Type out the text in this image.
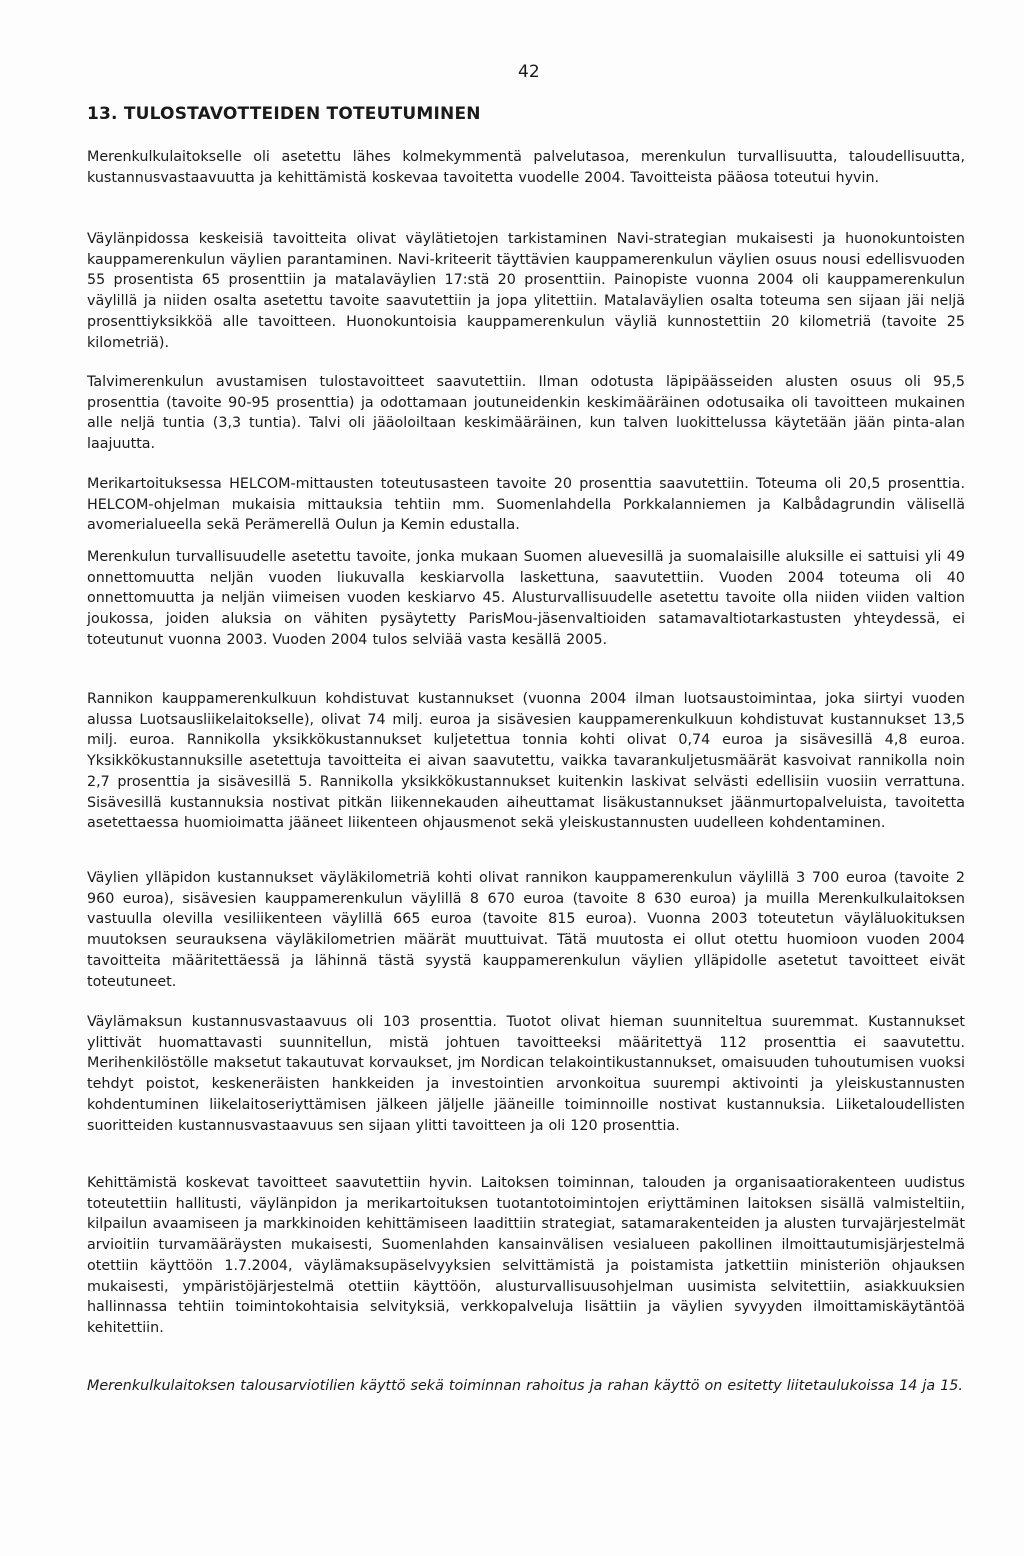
42

13. TULOSTAVOTTEIDEN TOTEUTUMINEN

Merenkulkulaitokselle oli asetettu lähes kolmekymmentä palvelutasoa, merenkulun turvallisuutta, taloudellisuutta, kustannusvastaavuutta ja kehittämistä koskevaa tavoitetta vuodelle 2004. Tavoitteista pääosa toteutui hyvin.

Väylänpidossa keskeisiä tavoitteita olivat väylätietojen tarkistaminen Navi-strategian mukaisesti ja huonokuntoisten kauppamerenkulun väylien parantaminen. Navi-kriteerit täyttävien kauppamerenkulun väylien osuus nousi edellisvuoden 55 prosentista 65 prosenttiin ja matalaväylien 17:stä 20 prosenttiin. Painopiste vuonna 2004 oli kauppamerenkulun väylillä ja niiden osalta asetettu tavoite saavutettiin ja jopa ylitettiin. Matalaväylien osalta toteuma sen sijaan jäi neljä prosenttiyksikköä alle tavoitteen. Huonokuntoisia kauppamerenkulun väyliä kunnostettiin 20 kilometriä (tavoite 25 kilometriä).

Talvimerenkulun avustamisen tulostavoitteet saavutettiin. Ilman odotusta läpipäässeiden alusten osuus oli 95,5 prosenttia (tavoite 90-95 prosenttia) ja odottamaan joutuneidenkin keskimääräinen odotusaika oli tavoitteen mukainen alle neljä tuntia (3,3 tuntia). Talvi oli jääoloiltaan keskimääräinen, kun talven luokittelussa käytetään jään pinta-alan laajuutta.

Merikartoituksessa HELCOM-mittausten toteutusasteen tavoite 20 prosenttia saavutettiin. Toteuma oli 20,5 prosenttia. HELCOM-ohjelman mukaisia mittauksia tehtiin mm. Suomenlahdella Porkkalanniemen ja Kalbådagrundin välisellä avomerialueella sekä Perämerellä Oulun ja Kemin edustalla.

Merenkulun turvallisuudelle asetettu tavoite, jonka mukaan Suomen aluevesillä ja suomalaisille aluksille ei sattuisi yli 49 onnettomuutta neljän vuoden liukuvalla keskiarvolla laskettuna, saavutettiin. Vuoden 2004 toteuma oli 40 onnettomuutta ja neljän viimeisen vuoden keskiarvo 45. Alusturvallisuudelle asetettu tavoite olla niiden viiden valtion joukossa, joiden aluksia on vähiten pysäytetty ParisMou-jäsenvaltioiden satamavaltiotarkastusten yhteydessä, ei toteutunut vuonna 2003. Vuoden 2004 tulos selviää vasta kesällä 2005.

Rannikon kauppamerenkulkuun kohdistuvat kustannukset (vuonna 2004 ilman luotsaustoimintaa, joka siirtyi vuoden alussa Luotsausliikelaitokselle), olivat 74 milj. euroa ja sisävesien kauppamerenkulkuun kohdistuvat kustannukset 13,5 milj. euroa. Rannikolla yksikkökustannukset kuljetettua tonnia kohti olivat 0,74 euroa ja sisävesillä 4,8 euroa. Yksikkökustannuksille asetettuja tavoitteita ei aivan saavutettu, vaikka tavarankuljetusmäärät kasvoivat rannikolla noin 2,7 prosenttia ja sisävesillä 5. Rannikolla yksikkökustannukset kuitenkin laskivat selvästi edellisiin vuosiin verrattuna. Sisävesillä kustannuksia nostivat pitkän liikennekauden aiheuttamat lisäkustannukset jäänmurtopalveluista, tavoitetta asetettaessa huomioimatta jääneet liikenteen ohjausmenot sekä yleiskustannusten uudelleen kohdentaminen.

Väylien ylläpidon kustannukset väyläkilometriä kohti olivat rannikon kauppamerenkulun väylillä 3 700 euroa (tavoite 2 960 euroa), sisävesien kauppamerenkulun väylillä 8 670 euroa (tavoite 8 630 euroa) ja muilla Merenkulkulaitoksen vastuulla olevilla vesiliikenteen väylillä 665 euroa (tavoite 815 euroa). Vuonna 2003 toteutetun väyläluokituksen muutoksen seurauksena väyläkilometrien määrät muuttuivat. Tätä muutosta ei ollut otettu huomioon vuoden 2004 tavoitteita määritettäessä ja lähinnä tästä syystä kauppamerenkulun väylien ylläpidolle asetetut tavoitteet eivät toteutuneet.

Väylämaksun kustannusvastaavuus oli 103 prosenttia. Tuotot olivat hieman suunniteltua suuremmat. Kustannukset ylittivät huomattavasti suunnitellun, mistä johtuen tavoitteeksi määritettyä 112 prosenttia ei saavutettu. Merihenkilöstölle maksetut takautuvat korvaukset, jm Nordican telakointikustannukset, omaisuuden tuhoutumisen vuoksi tehdyt poistot, keskeneräisten hankkeiden ja investointien arvonkoitua suurempi aktivointi ja yleiskustannusten kohdentuminen liikelaitoseriyttämisen jälkeen jäljelle jääneille toiminnoille nostivat kustannuksia. Liiketaloudellisten suoritteiden kustannusvastaavuus sen sijaan ylitti tavoitteen ja oli 120 prosenttia.

Kehittämistä koskevat tavoitteet saavutettiin hyvin. Laitoksen toiminnan, talouden ja organisaatiorakenteen uudistus toteutettiin hallitusti, väylänpidon ja merikartoituksen tuotantotoimintojen eriyttäminen laitoksen sisällä valmisteltiin, kilpailun avaamiseen ja markkinoiden kehittämiseen laadittiin strategiat, satamarakenteiden ja alusten turvajärjestelmät arvioitiin turvamääräysten mukaisesti, Suomenlahden kansainvälisen vesialueen pakollinen ilmoittautumisjärjestelmä otettiin käyttöön 1.7.2004, väylämaksupäselvyyksien selvittämistä ja poistamista jatkettiin ministeriön ohjauksen mukaisesti, ympäristöjärjestelmä otettiin käyttöön, alusturvallisuusohjelman uusimista selvitettiin, asiakkuuksien hallinnassa tehtiin toimintokohtaisia selvityksiä, verkkopalveluja lisättiin ja väylien syvyyden ilmoittamiskäytäntöä kehitettiin.

Merenkulkulaitoksen talousarviotilien käyttö sekä toiminnan rahoitus ja rahan käyttö on esitetty liitetaulukoissa 14 ja 15.
